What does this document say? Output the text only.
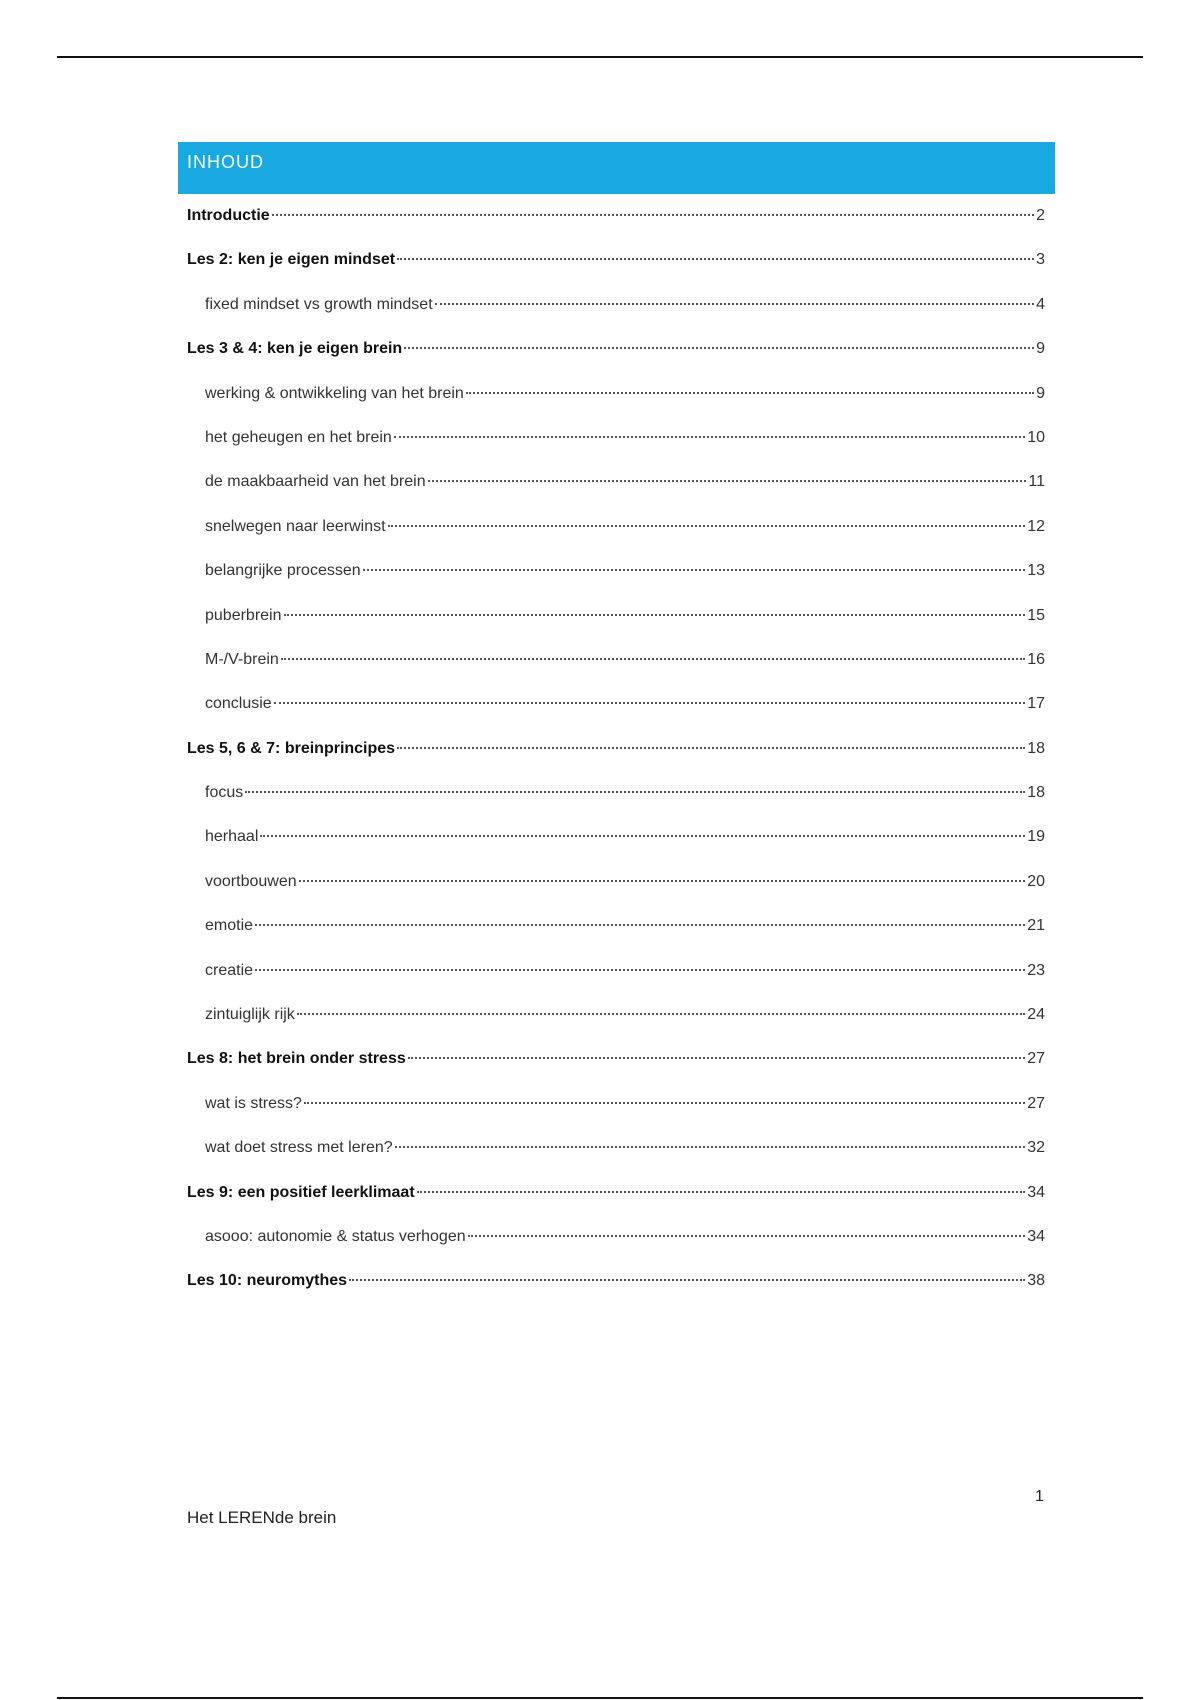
INHOUD
Introductie	2
Les 2: ken je eigen mindset	3
fixed mindset vs growth mindset	4
Les 3 & 4: ken je eigen brein	9
werking & ontwikkeling van het brein	9
het geheugen en het brein	10
de maakbaarheid van het brein	11
snelwegen naar leerwinst	12
belangrijke processen	13
puberbrein	15
M-/V-brein	16
conclusie	17
Les 5, 6 & 7: breinprincipes	18
focus	18
herhaal	19
voortbouwen	20
emotie	21
creatie	23
zintuiglijk rijk	24
Les 8: het brein onder stress	27
wat is stress?	27
wat doet stress met leren?	32
Les 9: een positief leerklimaat	34
asooo: autonomie & status verhogen	34
Les 10: neuromythes	38
1
Het LERENde brein
